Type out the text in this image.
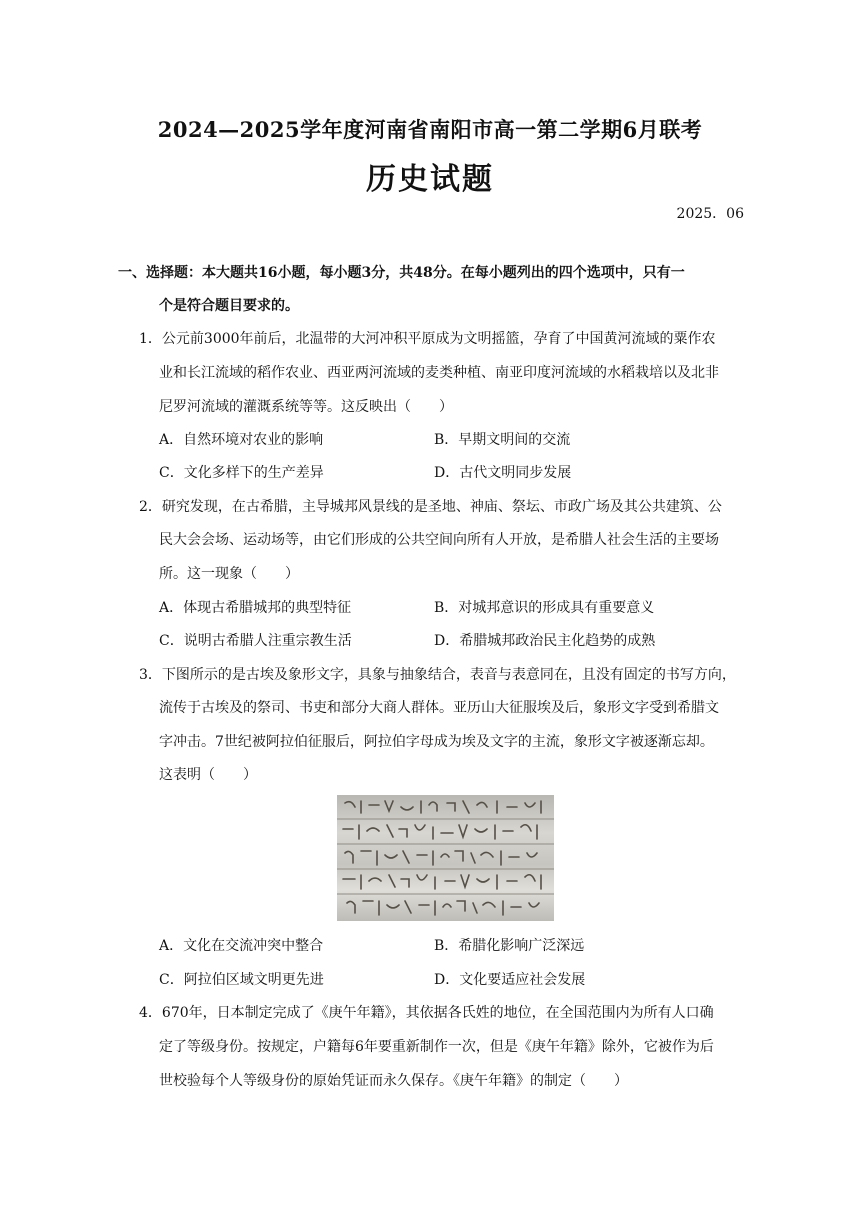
2024—2025学年度河南省南阳市高一第二学期6月联考
历史试题
2025．06
一、选择题：本大题共16小题，每小题3分，共48分。在每小题列出的四个选项中，只有一
个是符合题目要求的。
1．公元前3000年前后，北温带的大河冲积平原成为文明摇篮，孕育了中国黄河流域的粟作农
业和长江流域的稻作农业、西亚两河流域的麦类种植、南亚印度河流域的水稻栽培以及北非
尼罗河流域的灌溉系统等等。这反映出（　　）
A．自然环境对农业的影响	B．早期文明间的交流
C．文化多样下的生产差异	D．古代文明同步发展
2．研究发现，在古希腊，主导城邦风景线的是圣地、神庙、祭坛、市政广场及其公共建筑、公
民大会会场、运动场等，由它们形成的公共空间向所有人开放，是希腊人社会生活的主要场
所。这一现象（　　）
A．体现古希腊城邦的典型特征	B．对城邦意识的形成具有重要意义
C．说明古希腊人注重宗教生活	D．希腊城邦政治民主化趋势的成熟
3．下图所示的是古埃及象形文字，具象与抽象结合，表音与表意同在，且没有固定的书写方向，
流传于古埃及的祭司、书吏和部分大商人群体。亚历山大征服埃及后，象形文字受到希腊文
字冲击。7世纪被阿拉伯征服后，阿拉伯字母成为埃及文字的主流，象形文字被逐渐忘却。
这表明（　　）
A．文化在交流冲突中整合	B．希腊化影响广泛深远
C．阿拉伯区域文明更先进	D．文化要适应社会发展
4．670年，日本制定完成了《庚午年籍》，其依据各氏姓的地位，在全国范围内为所有人口确
定了等级身份。按规定，户籍每6年要重新制作一次，但是《庚午年籍》除外，它被作为后
世校验每个人等级身份的原始凭证而永久保存。《庚午年籍》的制定（　　）
